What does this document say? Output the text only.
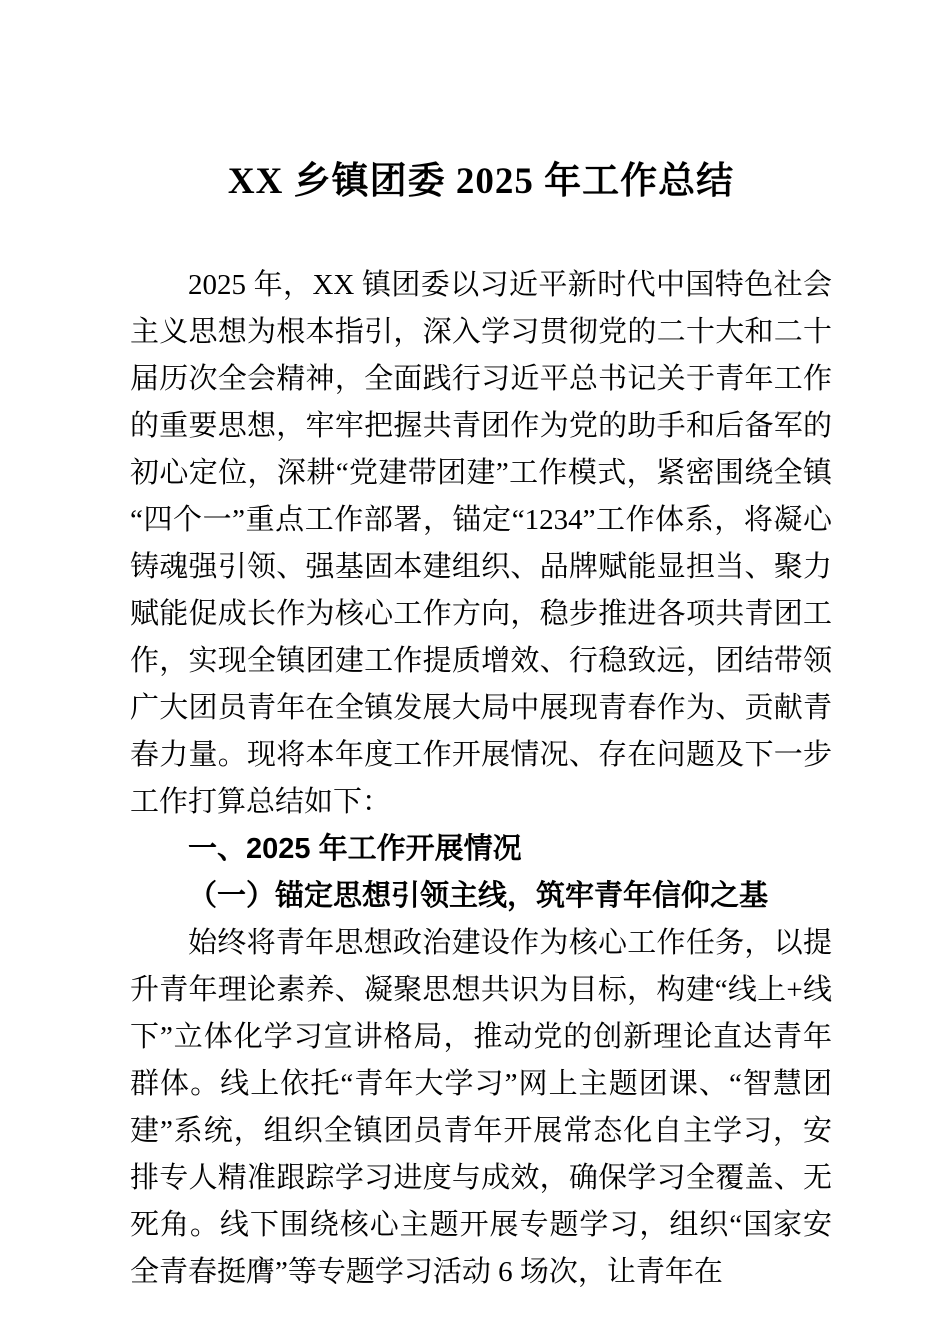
XX 乡镇团委 2025 年工作总结

2025 年，XX 镇团委以习近平新时代中国特色社会主义思想为根本指引，深入学习贯彻党的二十大和二十届历次全会精神，全面践行习近平总书记关于青年工作的重要思想，牢牢把握共青团作为党的助手和后备军的初心定位，深耕“党建带团建”工作模式，紧密围绕全镇“四个一”重点工作部署，锚定“1234”工作体系，将凝心铸魂强引领、强基固本建组织、品牌赋能显担当、聚力赋能促成长作为核心工作方向，稳步推进各项共青团工作，实现全镇团建工作提质增效、行稳致远，团结带领广大团员青年在全镇发展大局中展现青春作为、贡献青春力量。现将本年度工作开展情况、存在问题及下一步工作打算总结如下：

一、2025 年工作开展情况

（一）锚定思想引领主线，筑牢青年信仰之基

始终将青年思想政治建设作为核心工作任务，以提升青年理论素养、凝聚思想共识为目标，构建“线上+线下”立体化学习宣讲格局，推动党的创新理论直达青年群体。线上依托“青年大学习”网上主题团课、“智慧团建”系统，组织全镇团员青年开展常态化自主学习，安排专人精准跟踪学习进度与成效，确保学习全覆盖、无死角。线下围绕核心主题开展专题学习，组织“国家安全青春挺膺”等专题学习活动 6 场次，让青年在
